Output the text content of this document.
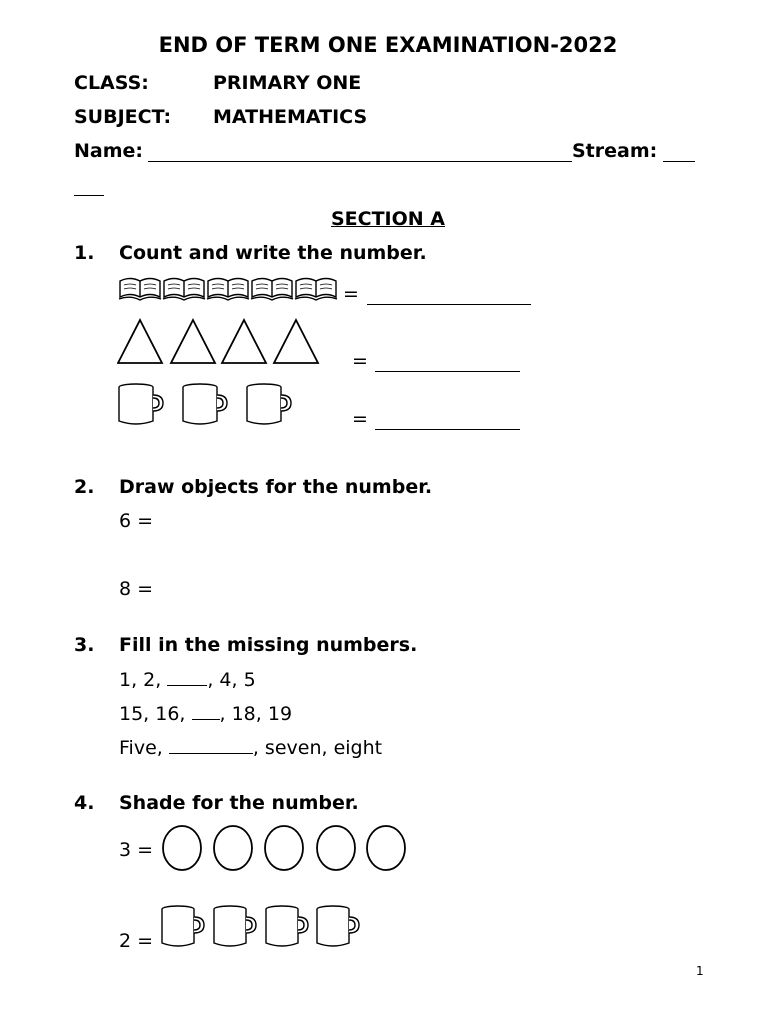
END OF TERM ONE EXAMINATION-2022
CLASS:	PRIMARY ONE
SUBJECT: MATHEMATICS
Name:	Stream:
SECTION A
1. Count and write the number.
=
=
=
2. Draw objects for the number.
6 =
8 =
3. Fill in the missing numbers.
1, 2, , 4, 5
15, 16, , 18, 19
Five,	, seven, eight
4. Shade for the number.
3 =
2 =
1
